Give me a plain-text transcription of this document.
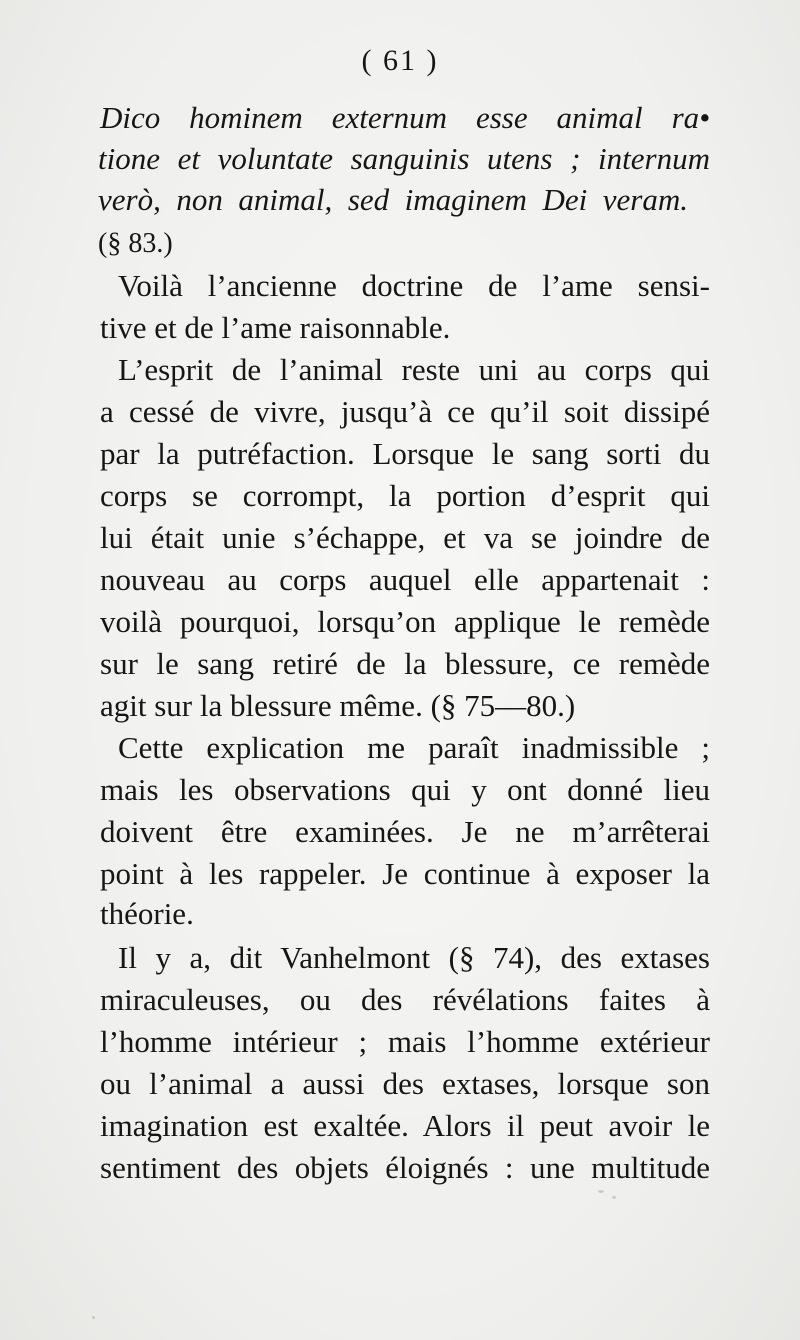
( 61 )
Dico hominem externum esse animal ra•
tione et voluntate sanguinis utens ; internum
verò, non animal, sed imaginem Dei veram.
(§ 83.)
Voilà l’ancienne doctrine de l’ame sensi-
tive et de l’ame raisonnable.
L’esprit de l’animal reste uni au corps qui
a cessé de vivre, jusqu’à ce qu’il soit dissipé
par la putréfaction. Lorsque le sang sorti du
corps se corrompt, la portion d’esprit qui
lui était unie s’échappe, et va se joindre de
nouveau au corps auquel elle appartenait :
voilà pourquoi, lorsqu’on applique le remède
sur le sang retiré de la blessure, ce remède
agit sur la blessure même. (§ 75—80.)
Cette explication me paraît inadmissible ;
mais les observations qui y ont donné lieu
doivent être examinées. Je ne m’arrêterai
point à les rappeler. Je continue à exposer la
théorie.
Il y a, dit Vanhelmont (§ 74), des extases
miraculeuses, ou des révélations faites à
l’homme intérieur ; mais l’homme extérieur
ou l’animal a aussi des extases, lorsque son
imagination est exaltée. Alors il peut avoir le
sentiment des objets éloignés : une multitude
